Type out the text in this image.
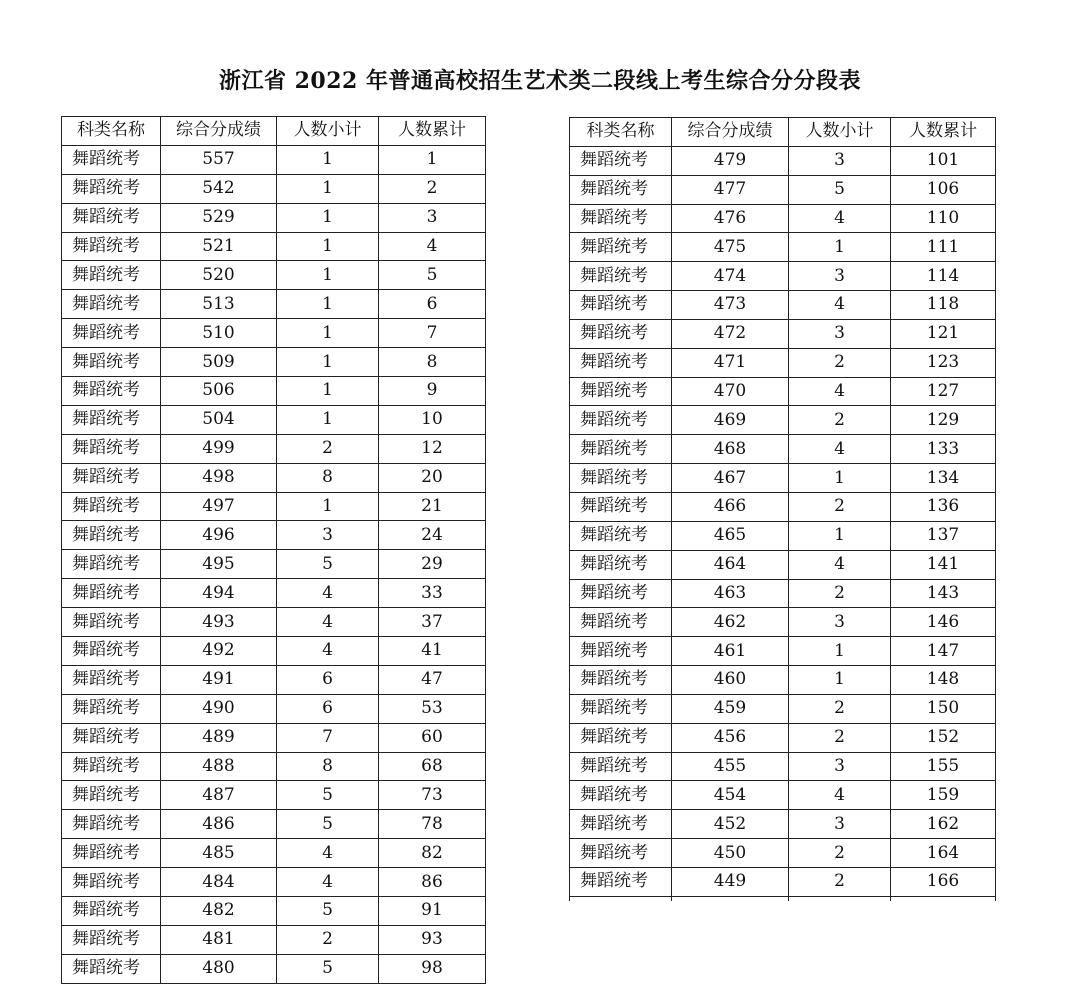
浙江省 2022 年普通高校招生艺术类二段线上考生综合分分段表
科类名称	综合分成绩	人数小计	人数累计
舞蹈统考	557	1	1
舞蹈统考	542	1	2
舞蹈统考	529	1	3
舞蹈统考	521	1	4
舞蹈统考	520	1	5
舞蹈统考	513	1	6
舞蹈统考	510	1	7
舞蹈统考	509	1	8
舞蹈统考	506	1	9
舞蹈统考	504	1	10
舞蹈统考	499	2	12
舞蹈统考	498	8	20
舞蹈统考	497	1	21
舞蹈统考	496	3	24
舞蹈统考	495	5	29
舞蹈统考	494	4	33
舞蹈统考	493	4	37
舞蹈统考	492	4	41
舞蹈统考	491	6	47
舞蹈统考	490	6	53
舞蹈统考	489	7	60
舞蹈统考	488	8	68
舞蹈统考	487	5	73
舞蹈统考	486	5	78
舞蹈统考	485	4	82
舞蹈统考	484	4	86
舞蹈统考	482	5	91
舞蹈统考	481	2	93
舞蹈统考	480	5	98
科类名称	综合分成绩	人数小计	人数累计
舞蹈统考	479	3	101
舞蹈统考	477	5	106
舞蹈统考	476	4	110
舞蹈统考	475	1	111
舞蹈统考	474	3	114
舞蹈统考	473	4	118
舞蹈统考	472	3	121
舞蹈统考	471	2	123
舞蹈统考	470	4	127
舞蹈统考	469	2	129
舞蹈统考	468	4	133
舞蹈统考	467	1	134
舞蹈统考	466	2	136
舞蹈统考	465	1	137
舞蹈统考	464	4	141
舞蹈统考	463	2	143
舞蹈统考	462	3	146
舞蹈统考	461	1	147
舞蹈统考	460	1	148
舞蹈统考	459	2	150
舞蹈统考	456	2	152
舞蹈统考	455	3	155
舞蹈统考	454	4	159
舞蹈统考	452	3	162
舞蹈统考	450	2	164
舞蹈统考	449	2	166
